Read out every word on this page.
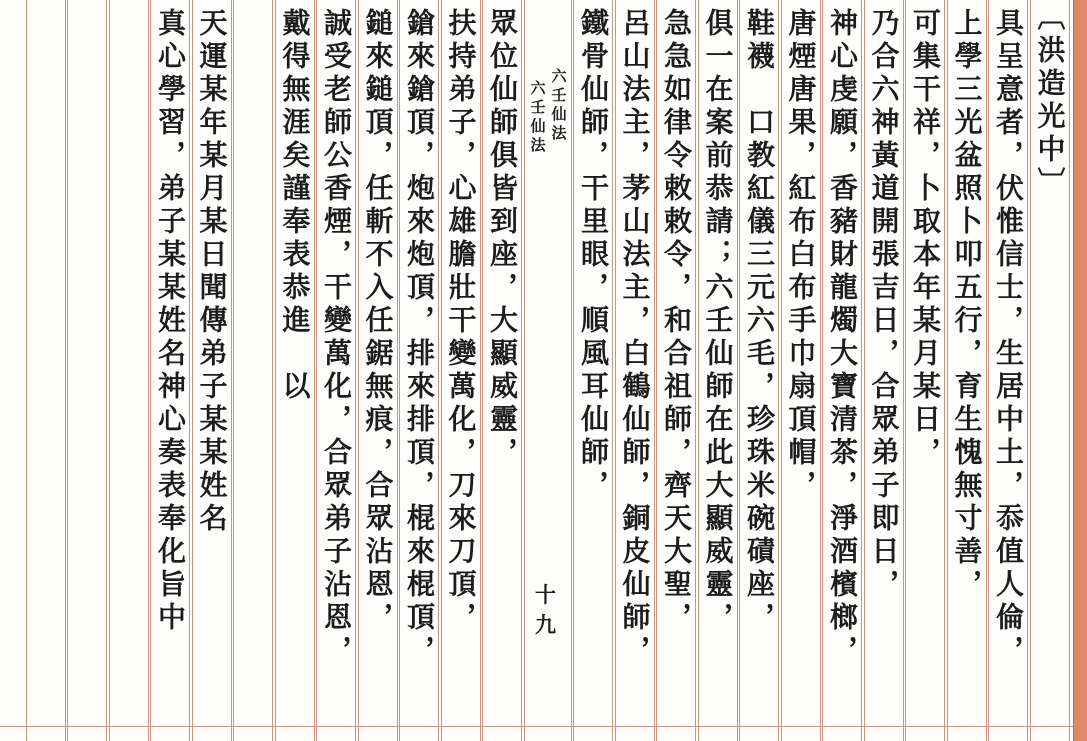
〔洪造光中〕
具呈意者，伏惟信士，生居中土，忝值人倫，
上學三光盆照卜叩五行，育生愧無寸善，
可集干祥，卜取本年某月某日，
乃合六神黃道開張吉日，合眾弟子即日，
神心虔願，香豬財龍燭大寶清茶，淨酒檳榔，
唐煙唐果，紅布白布手巾扇頂帽，
鞋襪　口教紅儀三元六毛，珍珠米碗磧座，
俱一在案前恭請；六壬仙師在此大顯威靈，
急急如律令敕敕令，和合祖師，齊天大聖，
呂山法主，茅山法主，白鶴仙師，銅皮仙師，
鐵骨仙師，干里眼，順風耳仙師，
六壬仙法
六壬仙法
十九
眾位仙師俱皆到座，大顯威靈，
扶持弟子，心雄膽壯干變萬化，刀來刀頂，
鎗來鎗頂，炮來炮頂，排來排頂，棍來棍頂，
鎚來鎚頂，任斬不入任鋸無痕，合眾沾恩，
誠受老師公香煙，干變萬化，合眾弟子沾恩，
戴得無涯矣謹奉表恭進　以
天運某年某月某日聞傳弟子某某姓名
真心學習，弟子某某姓名神心奏表奉化旨中
